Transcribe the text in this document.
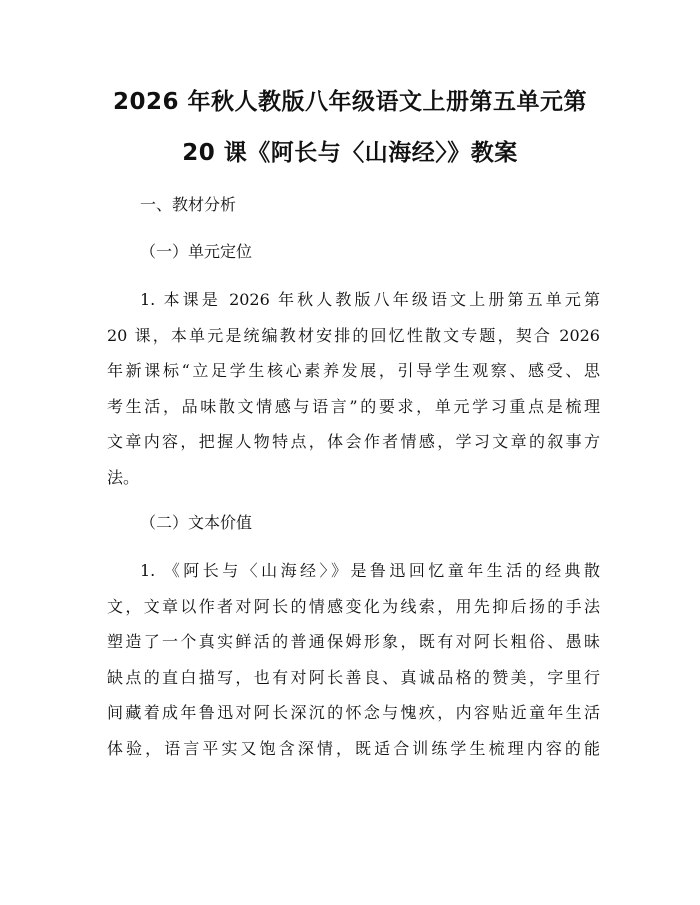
2026 年秋人教版八年级语文上册第五单元第
20 课《阿长与〈山海经〉》教案
一、教材分析
（一）单元定位
1. 本课是 2026 年秋人教版八年级语文上册第五单元第
20 课，本单元是统编教材安排的回忆性散文专题，契合 2026
年新课标“立足学生核心素养发展，引导学生观察、感受、思
考生活，品味散文情感与语言”的要求，单元学习重点是梳理
文章内容，把握人物特点，体会作者情感，学习文章的叙事方
法。
（二）文本价值
1. 《阿长与〈山海经〉》是鲁迅回忆童年生活的经典散
文，文章以作者对阿长的情感变化为线索，用先抑后扬的手法
塑造了一个真实鲜活的普通保姆形象，既有对阿长粗俗、愚昧
缺点的直白描写，也有对阿长善良、真诚品格的赞美，字里行
间藏着成年鲁迅对阿长深沉的怀念与愧疚，内容贴近童年生活
体验，语言平实又饱含深情，既适合训练学生梳理内容的能
